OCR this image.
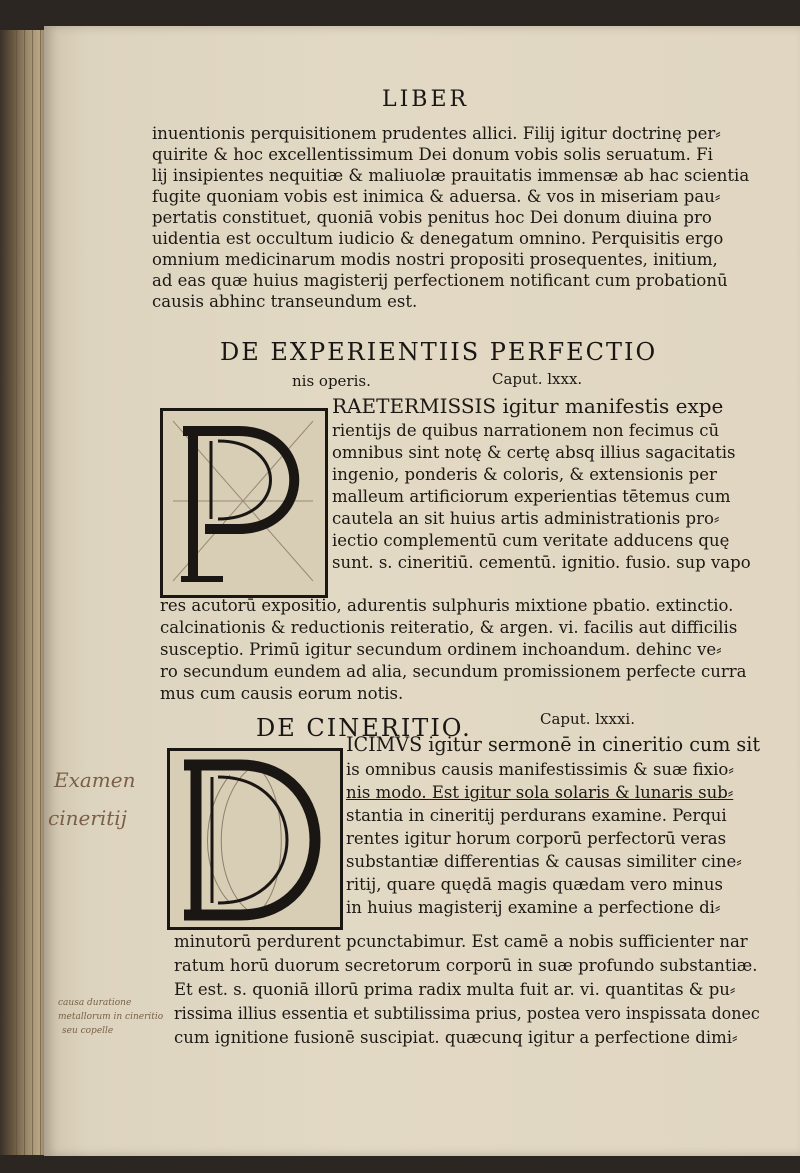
LIBER
inuentionis perquisitionem prudentes allici. Filij igitur doctrinę per⸗
quirite & hoc excellentissimum Dei donum vobis solis seruatum. Fi
lij insipientes nequitiæ & maliuolæ prauitatis immensæ ab hac scientia
fugite quoniam vobis est inimica & aduersa. & vos in miseriam pau⸗
pertatis constituet, quoniā vobis penitus hoc Dei donum diuina pro
uidentia est occultum iudicio & denegatum omnino. Perquisitis ergo
omnium medicinarum modis nostri propositi prosequentes, initium,
ad eas quæ huius magisterij perfectionem notificant cum probationū
causis abhinc transeundum est.
DE EXPERIENTIIS PERFECTIO
nis operis.	Caput. lxxx.
RAETERMISSIS igitur manifestis expe
rientijs de quibus narrationem non fecimus cū
omnibus sint notę & certę absq illius sagacitatis
ingenio, ponderis & coloris, & extensionis per
malleum artificiorum experientias tētemus cum
cautela an sit huius artis administrationis pro⸗
iectio complementū cum veritate adducens quę
sunt. s. cineritiū. cementū. ignitio. fusio. sup vapo
res acutorū expositio, adurentis sulphuris mixtione pbatio. extinctio.
calcinationis & reductionis reiteratio, & argen. vi. facilis aut difficilis
susceptio. Primū igitur secundum ordinem inchoandum. dehinc ve⸗
ro secundum eundem ad alia, secundum promissionem perfecte curra
mus cum causis eorum notis.
DE CINERITIO.	Caput. lxxxi.
ICIMVS igitur sermonē in cineritio cum sit
is omnibus causis manifestissimis & suæ fixio⸗
nis modo. Est igitur sola solaris & lunaris sub⸗
stantia in cineritij perdurans examine. Perqui
rentes igitur horum corporū perfectorū veras
substantiæ differentias & causas similiter cine⸗
ritij, quare quędā magis quædam vero minus
in huius magisterij examine a perfectione di⸗
minutorū perdurent pcunctabimur. Est camē a nobis sufficienter nar
ratum horū duorum secretorum corporū in suæ profundo substantiæ.
Et est. s. quoniā illorū prima radix multa fuit ar. vi. quantitas & pu⸗
rissima illius essentia et subtilissima prius, postea vero inspissata donec
cum ignitione fusionē suscipiat. quæcunq igitur a perfectione dimi⸗
Examen
cineritij
causa duratione
metallorum in cineritio
seu copelle
